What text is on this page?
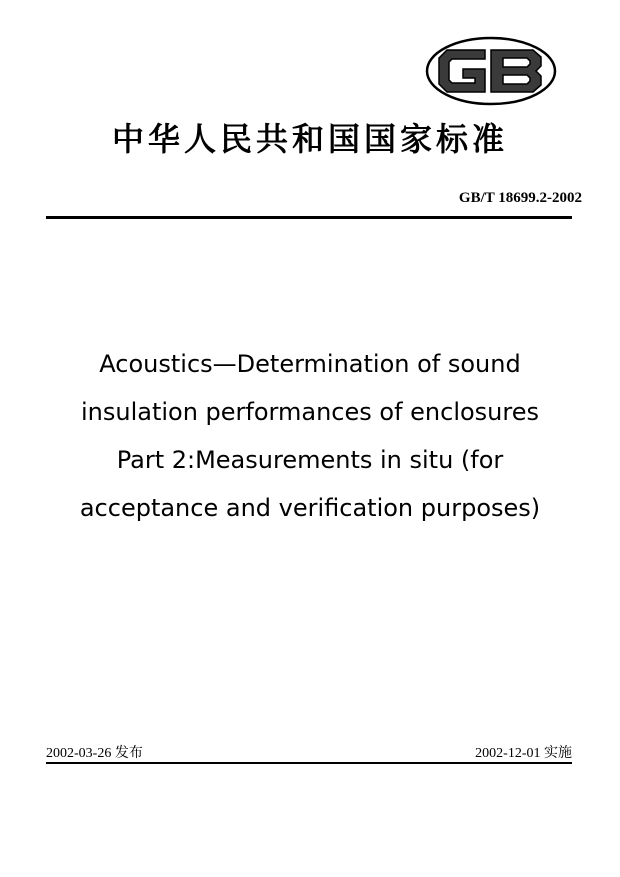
中华人民共和国国家标准
GB/T 18699.2-2002
Acoustics—Determination of sound
insulation performances of enclosures
Part 2:Measurements in situ (for
acceptance and verification purposes)
2002-03-26 发布	2002-12-01 实施
